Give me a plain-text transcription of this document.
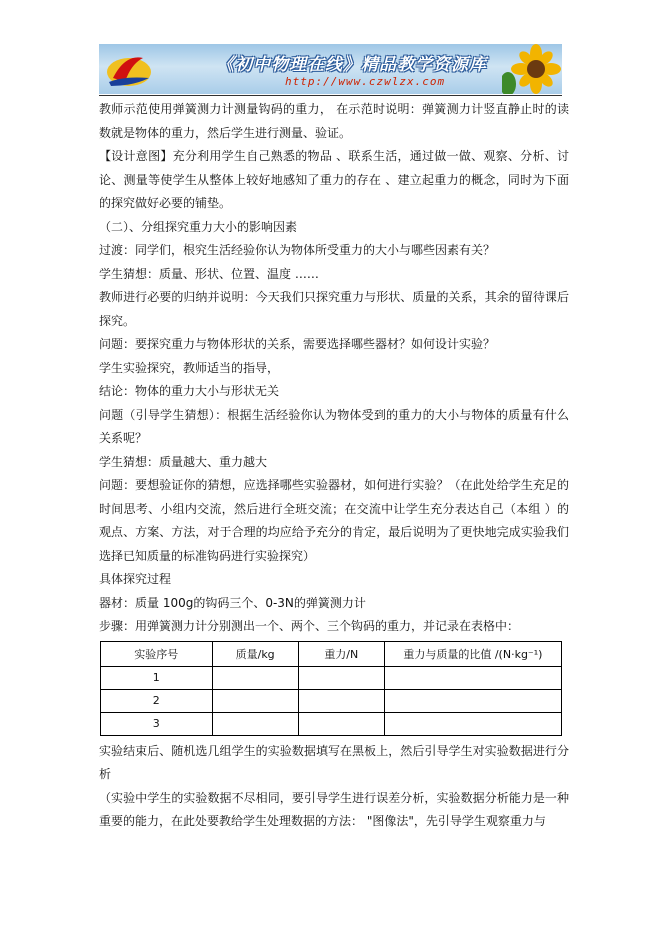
《初中物理在线》精品教学资源库
http://www.czwlzx.com

教师示范使用弹簧测力计测量钩码的重力， 在示范时说明：弹簧测力计竖直静止时的读数就是物体的重力，然后学生进行测量、验证。

【设计意图】充分利用学生自己熟悉的物品 、联系生活，通过做一做、观察、分析、讨论、测量等使学生从整体上较好地感知了重力的存在 、建立起重力的概念，同时为下面的探究做好必要的铺垫。

（二）、分组探究重力大小的影响因素

过渡：同学们，根究生活经验你认为物体所受重力的大小与哪些因素有关？

学生猜想：质量、形状、位置、温度 ……

教师进行必要的归纳并说明：今天我们只探究重力与形状、质量的关系，其余的留待课后探究。

问题：要探究重力与物体形状的关系，需要选择哪些器材？如何设计实验？

学生实验探究，教师适当的指导，

结论：物体的重力大小与形状无关

问题（引导学生猜想）：根据生活经验你认为物体受到的重力的大小与物体的质量有什么关系呢？

学生猜想：质量越大、重力越大

问题：要想验证你的猜想，应选择哪些实验器材，如何进行实验？（在此处给学生充足的时间思考、小组内交流，然后进行全班交流；在交流中让学生充分表达自己（本组 ）的观点、方案、方法，对于合理的均应给予充分的肯定，最后说明为了更快地完成实验我们选择已知质量的标准钩码进行实验探究）

具体探究过程

器材：质量 100g的钩码三个、0-3N的弹簧测力计

步骤：用弹簧测力计分别测出一个、两个、三个钩码的重力，并记录在表格中：

实验序号	质量/kg	重力/N	重力与质量的比值 /(N·kg⁻¹)
1			
2			
3			

实验结束后、随机选几组学生的实验数据填写在黑板上，然后引导学生对实验数据进行分析

（实验中学生的实验数据不尽相同，要引导学生进行误差分析，实验数据分析能力是一种重要的能力，在此处要教给学生处理数据的方法： "图像法"，先引导学生观察重力与
